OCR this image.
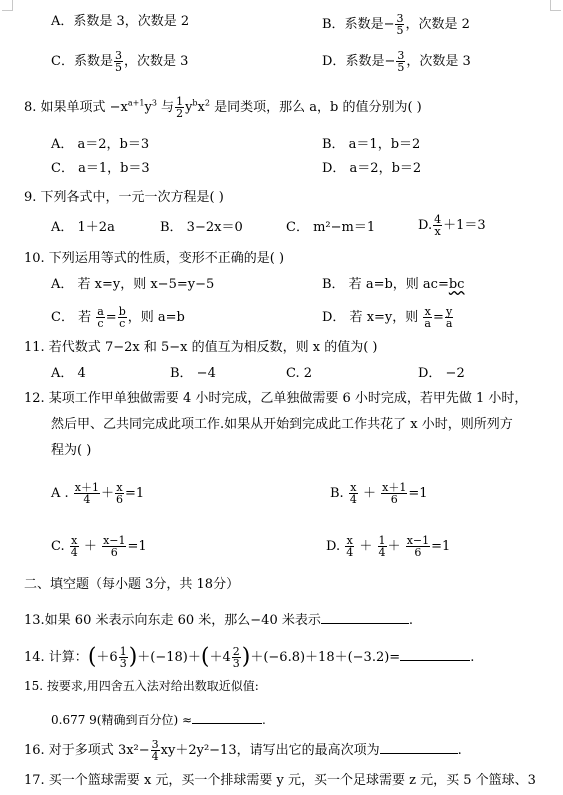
A．系数是 3，次数是 2	B．系数是− $\frac{3}{5}$ ，次数是 2
C．系数是 $\frac{3}{5}$ ，次数是 3	D．系数是− $\frac{3}{5}$ ，次数是 3
8. 如果单项式 $-x^{a+1}y^3$ 与 $\frac{1}{2} y^bx^2$ 是同类项，那么 a，b 的值分别为( )
A． a＝2，b＝3	B． a＝1，b＝2
C． a＝1，b＝3	D． a＝2，b＝2
9. 下列各式中，一元一次方程是( )
A． 1＋2a	B． 3−2x＝0	C． m²−m＝1	D. $\frac{4}{x} +1=3$
10. 下列运用等式的性质，变形不正确的是( )
A． 若 x=y，则 x−5=y−5	B． 若 a=b，则 ac=bc
C． 若 $\frac{a}{c} = \frac{b}{c}$ ，则 a=b	D． 若 x=y，则 $\frac{x}{a} = \frac{y}{a}$
11. 若代数式 7−2x 和 5−x 的值互为相反数，则 x 的值为( )
A． 4	B． −4	C. 2	D． −2
12. 某项工作甲单独做需要 4 小时完成，乙单独做需要 6 小时完成，若甲先做 1 小时，
然后甲、乙共同完成此项工作.如果从开始到完成此工作共花了 x 小时，则所列方
程为( )
A . $\frac{x+1}{4} + \frac{x}{6} =1$	B. $\frac{x}{4} + \frac{x+1}{6} =1$
C. $\frac{x}{4} + \frac{x-1}{6} =1$	D. $\frac{x}{4} + \frac{1}{4} + \frac{x-1}{6} =1$
二、填空题（每小题 3分，共 18分）
13.如果 60 米表示向东走 60 米，那么−40 米表示	.
14. 计算：$(+6 \frac{1}{3} )+(-18)+(+4 \frac{2}{3} )+(-6.8)+18+(-3.2)=$	.
15. 按要求,用四舍五入法对给出数取近似值:
0.677 9(精确到百分位) ≈	.
16. 对于多项式 $3x^2- \frac{3}{4} xy+2y^2-13$，请写出它的最高次项为	.
17. 买一个篮球需要 x 元，买一个排球需要 y 元，买一个足球需要 z 元，买 5 个篮球、3
